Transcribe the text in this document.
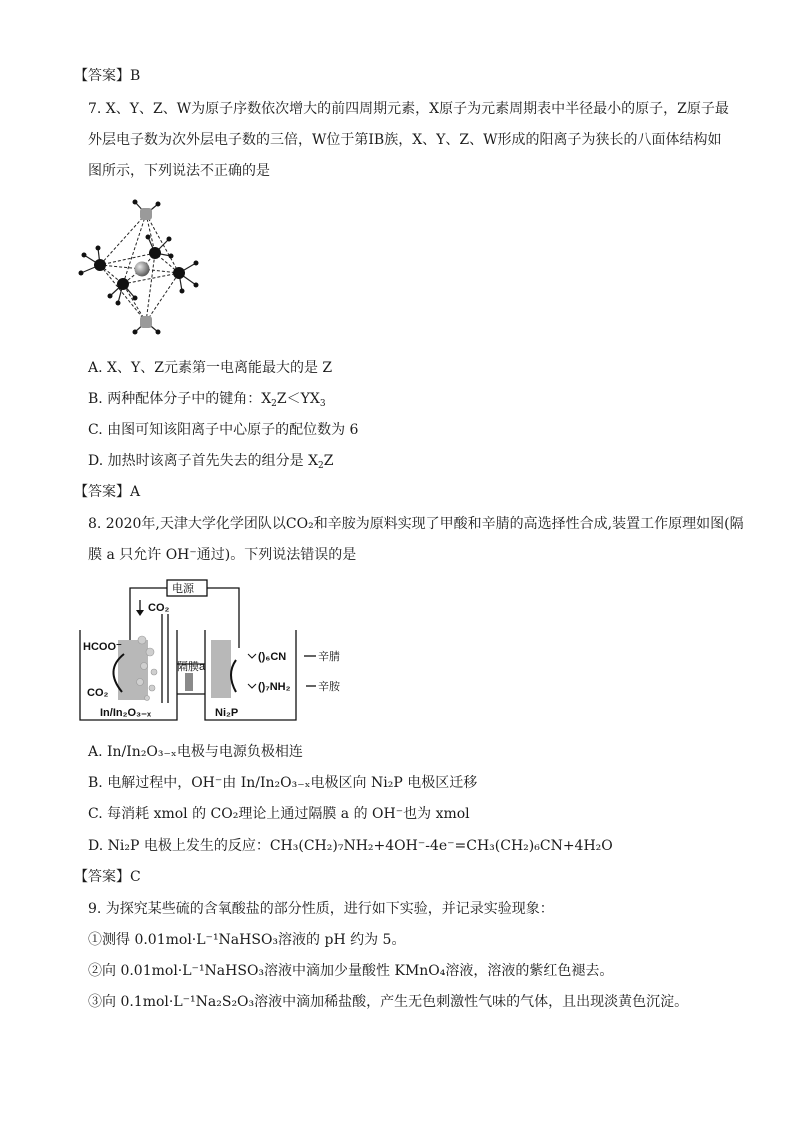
【答案】B
7. X、Y、Z、W为原子序数依次增大的前四周期元素，X原子为元素周期表中半径最小的原子，Z原子最
外层电子数为次外层电子数的三倍，W位于第IB族，X、Y、Z、W形成的阳离子为狭长的八面体结构如
图所示，下列说法不正确的是
A. X、Y、Z元素第一电离能最大的是 Z
B. 两种配体分子中的键角：$X_2Z<YX_3$
C. 由图可知该阳离子中心原子的配位数为 6
D. 加热时该离子首先失去的组分是 $X_2Z$
【答案】A
8. 2020年,天津大学化学团队以CO₂和辛胺为原料实现了甲酸和辛腈的高选择性合成,装置工作原理如图(隔
膜 a 只允许 OH⁻通过)。下列说法错误的是
电源
CO₂
HCOO⁻
CO₂
In/In₂O₃₋ₓ
隔膜a
Ni₂P
(⁠)₆CN
(⁠)₇NH₂
辛腈
辛胺
A. In/In₂O₃₋ₓ电极与电源负极相连
B. 电解过程中，OH⁻由 In/In₂O₃₋ₓ电极区向 Ni₂P 电极区迁移
C. 每消耗 xmol 的 CO₂理论上通过隔膜 a 的 OH⁻也为 xmol
D. Ni₂P 电极上发生的反应：CH₃(CH₂)₇NH₂+4OH⁻-4e⁻=CH₃(CH₂)₆CN+4H₂O
【答案】C
9. 为探究某些硫的含氧酸盐的部分性质，进行如下实验，并记录实验现象：
①测得 0.01mol·L⁻¹NaHSO₃溶液的 pH 约为 5。
②向 0.01mol·L⁻¹NaHSO₃溶液中滴加少量酸性 KMnO₄溶液，溶液的紫红色褪去。
③向 0.1mol·L⁻¹Na₂S₂O₃溶液中滴加稀盐酸，产生无色刺激性气味的气体，且出现淡黄色沉淀。
